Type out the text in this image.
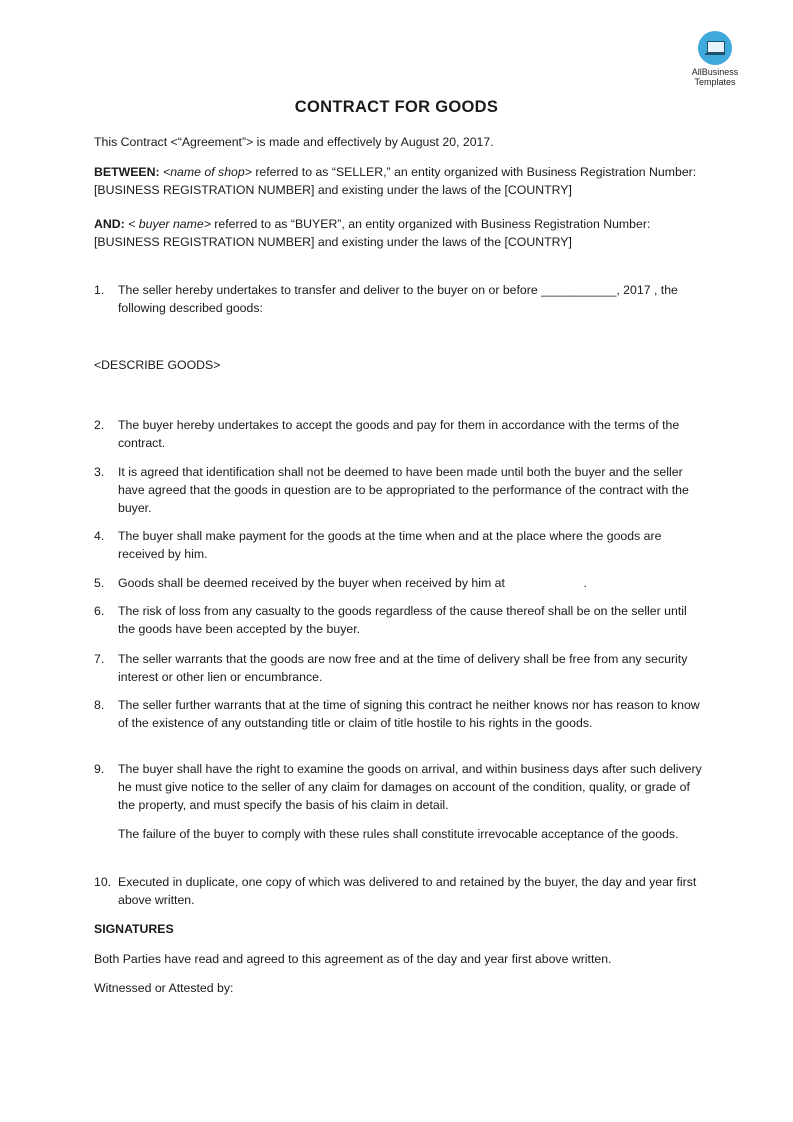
AllBusiness
Templates
CONTRACT FOR GOODS
This Contract <“Agreement”> is made and effectively by August 20, 2017.
BETWEEN: <name of shop> referred to as “SELLER,” an entity organized with Business Registration Number: [BUSINESS REGISTRATION NUMBER] and existing under the laws of the [COUNTRY]
AND: < buyer name> referred to as “BUYER”, an entity organized with Business Registration Number: [BUSINESS REGISTRATION NUMBER] and existing under the laws of the [COUNTRY]
1.	The seller hereby undertakes to transfer and deliver to the buyer on or before ___________, 2017 , the following described goods:
<DESCRIBE GOODS>
2.	The buyer hereby undertakes to accept the goods and pay for them in accordance with the terms of the contract.
3.	It is agreed that identification shall not be deemed to have been made until both the buyer and the seller have agreed that the goods in question are to be appropriated to the performance of the contract with the buyer.
4.	The buyer shall make payment for the goods at the time when and at the place where the goods are received by him.
5.	Goods shall be deemed received by the buyer when received by him at                       .
6.	The risk of loss from any casualty to the goods regardless of the cause thereof shall be on the seller until the goods have been accepted by the buyer.
7.	The seller warrants that the goods are now free and at the time of delivery shall be free from any security interest or other lien or encumbrance.
8.	The seller further warrants that at the time of signing this contract he neither knows nor has reason to know of the existence of any outstanding title or claim of title hostile to his rights in the goods.
9.	The buyer shall have the right to examine the goods on arrival, and within business days after such delivery he must give notice to the seller of any claim for damages on account of the condition, quality, or grade of the property, and must specify the basis of his claim in detail.
The failure of the buyer to comply with these rules shall constitute irrevocable acceptance of the goods.
10. Executed in duplicate, one copy of which was delivered to and retained by the buyer, the day and year first above written.
SIGNATURES
Both Parties have read and agreed to this agreement as of the day and year first above written.
Witnessed or Attested by:
